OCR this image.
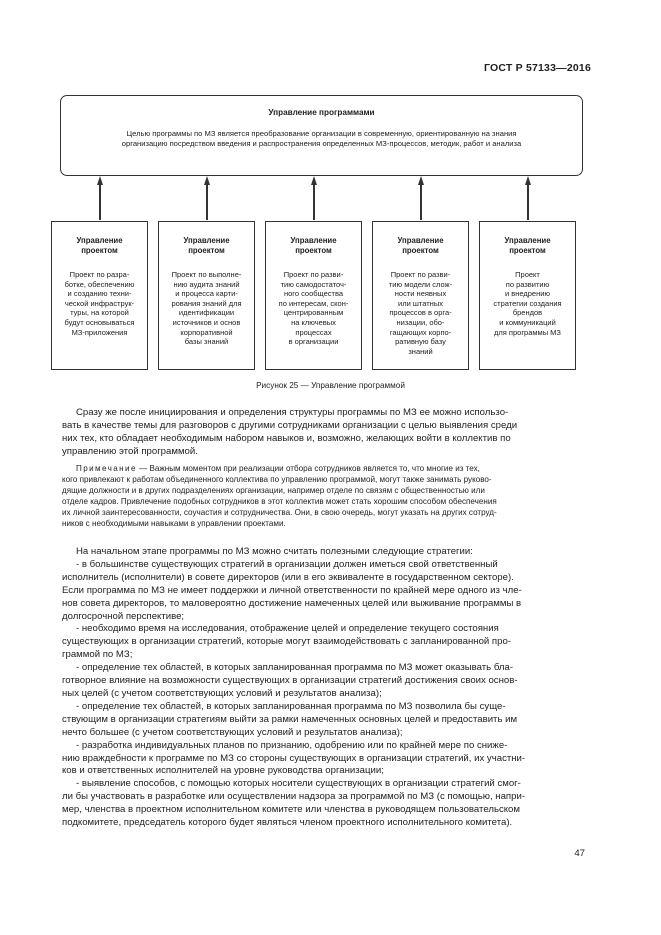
ГОСТ Р 57133—2016
Управление программами
Целью программы по МЗ является преобразование организации в современную, ориентированную на знания организацию посредством введения и распространения определенных МЗ-процессов, методик, работ и анализа
Управление
проектом
Проект по разра-
ботке, обеспечению
и созданию техни-
ческой инфраструк-
туры, на которой
будут основываться
МЗ-приложения
Управление
проектом
Проект по выполне-
нию аудита знаний
и процесса карти-
рования знаний для
идентификации
источников и основ
корпоративной
базы знаний
Управление
проектом
Проект по разви-
тию самодостаточ-
ного сообщества
по интересам, скон-
центрированным
на ключевых
процессах
в организации
Управление
проектом
Проект по разви-
тию модели слож-
ности неявных
или штатных
процессов в орга-
низации, обо-
гащающих корпо-
ративную базу
знаний
Управление
проектом
Проект
по развитию
и внедрению
стратегии создания
брендов
и коммуникаций
для программы МЗ
Рисунок 25 — Управление программой

Сразу же после инициирования и определения структуры программы по МЗ ее можно использо-
вать в качестве темы для разговоров с другими сотрудниками организации с целью выявления среди
них тех, кто обладает необходимым набором навыков и, возможно, желающих войти в коллектив по
управлению этой программой.

Примечание — Важным моментом при реализации отбора сотрудников является то, что многие из тех,
кого привлекают к работам объединенного коллектива по управлению программой, могут также занимать руково-
дящие должности и в других подразделениях организации, например отделе по связям с общественностью или
отделе кадров. Привлечение подобных сотрудников в этот коллектив может стать хорошим способом обеспечения
их личной заинтересованности, соучастия и сотрудничества. Они, в свою очередь, могут указать на других сотруд-
ников с необходимыми навыками в управлении проектами.

На начальном этапе программы по МЗ можно считать полезными следующие стратегии:

- в большинстве существующих стратегий в организации должен иметься свой ответственный
исполнитель (исполнители) в совете директоров (или в его эквиваленте в государственном секторе).
Если программа по МЗ не имеет поддержки и личной ответственности по крайней мере одного из чле-
нов совета директоров, то маловероятно достижение намеченных целей или выживание программы в
долгосрочной перспективе;

- необходимо время на исследования, отображение целей и определение текущего состояния
существующих в организации стратегий, которые могут взаимодействовать с запланированной про-
граммой по МЗ;

- определение тех областей, в которых запланированная программа по МЗ может оказывать бла-
готворное влияние на возможности существующих в организации стратегий достижения своих основ-
ных целей (с учетом соответствующих условий и результатов анализа);

- определение тех областей, в которых запланированная программа по МЗ позволила бы суще-
ствующим в организации стратегиям выйти за рамки намеченных основных целей и предоставить им
нечто большее (с учетом соответствующих условий и результатов анализа);

- разработка индивидуальных планов по признанию, одобрению или по крайней мере по сниже-
нию враждебности к программе по МЗ со стороны существующих в организации стратегий, их участни-
ков и ответственных исполнителей на уровне руководства организации;

- выявление способов, с помощью которых носители существующих в организации стратегий смог-
ли бы участвовать в разработке или осуществлении надзора за программой по МЗ (с помощью, напри-
мер, членства в проектном исполнительном комитете или членства в руководящем пользовательском
подкомитете, председатель которого будет являться членом проектного исполнительного комитета).

47
